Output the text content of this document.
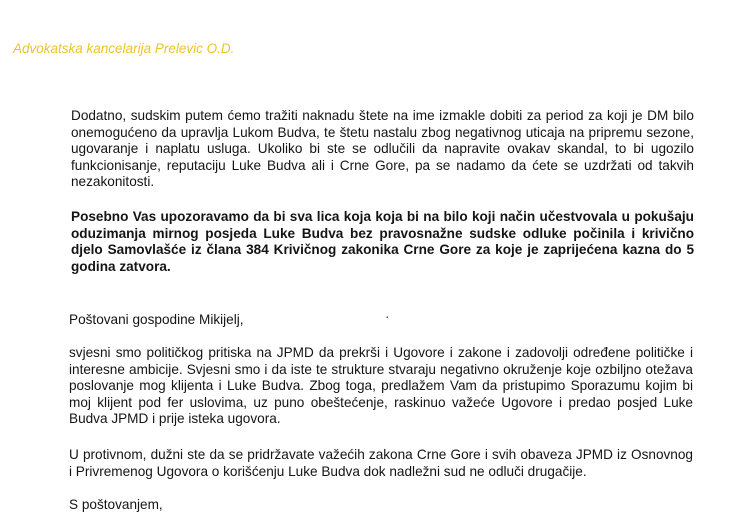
Advokatska kancelarija Prelevic O.D.

Dodatno, sudskim putem ćemo tražiti naknadu štete na ime izmakle dobiti za period za koji je DM bilo onemogućeno da upravlja Lukom Budva, te štetu nastalu zbog negativnog uticaja na pripremu sezone, ugovaranje i naplatu usluga. Ukoliko bi ste se odlučili da napravite ovakav skandal, to bi ugozilo funkcionisanje, reputaciju Luke Budva ali i Crne Gore, pa se nadamo da ćete se uzdržati od takvih nezakonitosti.

Posebno Vas upozoravamo da bi sva lica koja koja bi na bilo koji način učestvovala u pokušaju oduzimanja mirnog posjeda Luke Budva bez pravosnažne sudske odluke počinila i krivično djelo Samovlašće iz člana 384 Krivičnog zakonika Crne Gore za koje je zaprijećena kazna do 5 godina zatvora.

Poštovani gospodine Mikijelj,	·

svjesni smo političkog pritiska na JPMD da prekrši i Ugovore i zakone i zadovolji određene političke i interesne ambicije. Svjesni smo i da iste te strukture stvaraju negativno okruženje koje ozbiljno otežava poslovanje mog klijenta i Luke Budva. Zbog toga, predlažem Vam da pristupimo Sporazumu kojim bi moj klijent pod fer uslovima, uz puno obeštećenje, raskinuo važeće Ugovore i predao posjed Luke Budva JPMD i prije isteka ugovora.

U protivnom, dužni ste da se pridržavate važećih zakona Crne Gore i svih obaveza JPMD iz Osnovnog i Privremenog Ugovora o korišćenju Luke Budva dok nadležni sud ne odluči drugačije.

S poštovanjem,
